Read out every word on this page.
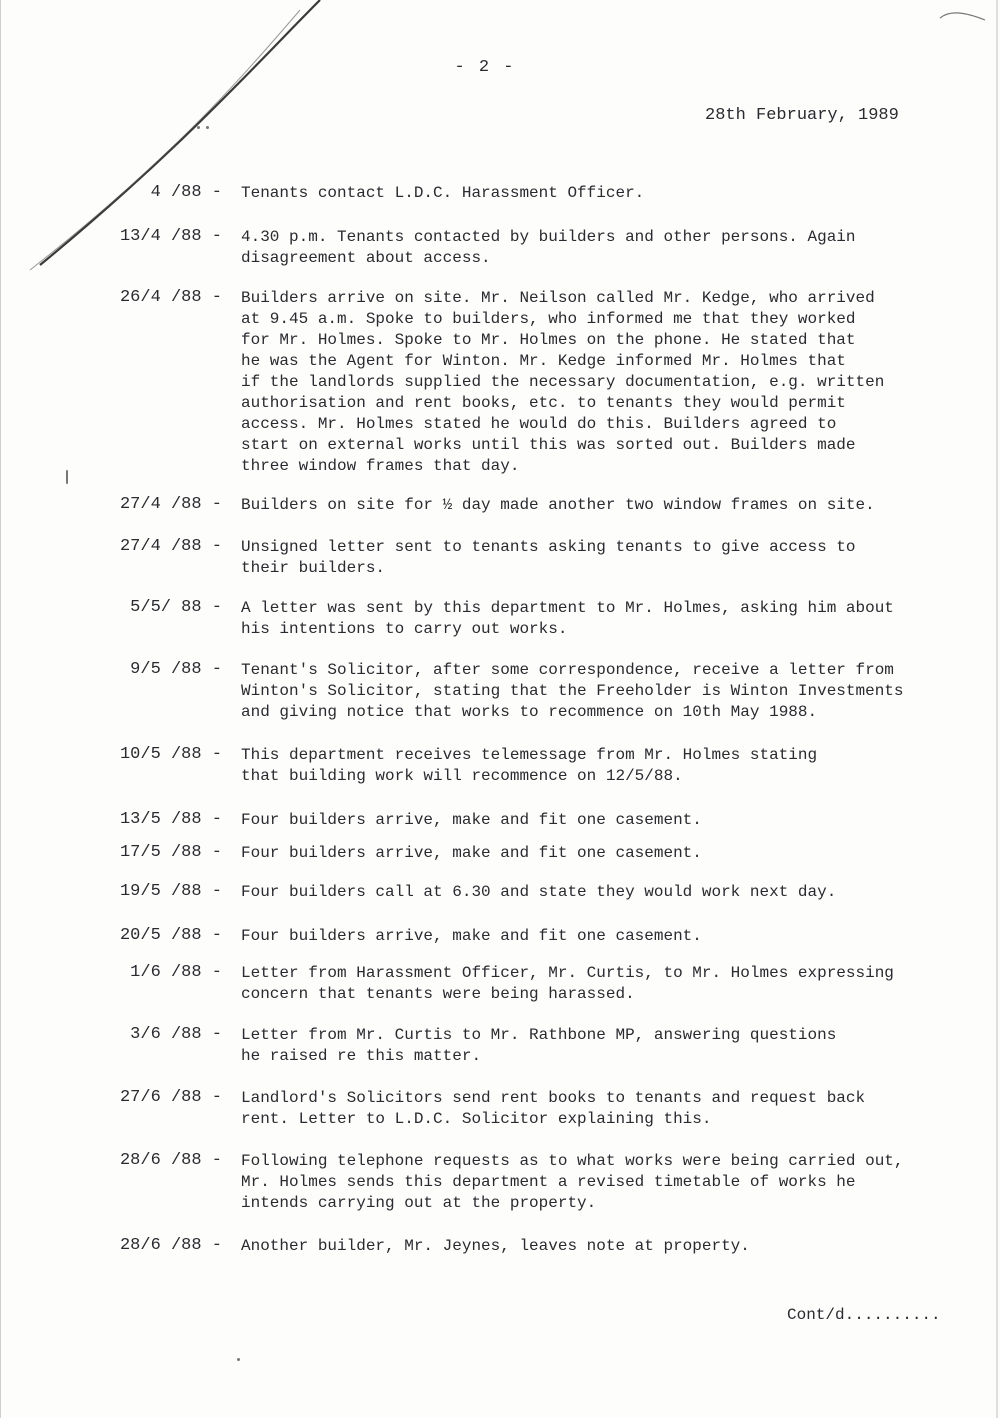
- 2 -
28th February, 1989
4 /88 - Tenants contact L.D.C. Harassment Officer.
13/4 /88 - 4.30 p.m. Tenants contacted by builders and other persons. Again
disagreement about access.
26/4 /88 - Builders arrive on site. Mr. Neilson called Mr. Kedge, who arrived
at 9.45 a.m. Spoke to builders, who informed me that they worked
for Mr. Holmes. Spoke to Mr. Holmes on the phone. He stated that
he was the Agent for Winton. Mr. Kedge informed Mr. Holmes that
if the landlords supplied the necessary documentation, e.g. written
authorisation and rent books, etc. to tenants they would permit
access. Mr. Holmes stated he would do this. Builders agreed to
start on external works until this was sorted out. Builders made
three window frames that day.
27/4 /88 - Builders on site for ½ day made another two window frames on site.
27/4 /88 - Unsigned letter sent to tenants asking tenants to give access to
their builders.
5/5/ 88 - A letter was sent by this department to Mr. Holmes, asking him about
his intentions to carry out works.
9/5 /88 - Tenant's Solicitor, after some correspondence, receive a letter from
Winton's Solicitor, stating that the Freeholder is Winton Investments
and giving notice that works to recommence on 10th May 1988.
10/5 /88 - This department receives telemessage from Mr. Holmes stating
that building work will recommence on 12/5/88.
13/5 /88 - Four builders arrive, make and fit one casement.
17/5 /88 - Four builders arrive, make and fit one casement.
19/5 /88 - Four builders call at 6.30 and state they would work next day.
20/5 /88 - Four builders arrive, make and fit one casement.
1/6 /88 - Letter from Harassment Officer, Mr. Curtis, to Mr. Holmes expressing
concern that tenants were being harassed.
3/6 /88 - Letter from Mr. Curtis to Mr. Rathbone MP, answering questions
he raised re this matter.
27/6 /88 - Landlord's Solicitors send rent books to tenants and request back
rent. Letter to L.D.C. Solicitor explaining this.
28/6 /88 - Following telephone requests as to what works were being carried out,
Mr. Holmes sends this department a revised timetable of works he
intends carrying out at the property.
28/6 /88 - Another builder, Mr. Jeynes, leaves note at property.
Cont/d..........
